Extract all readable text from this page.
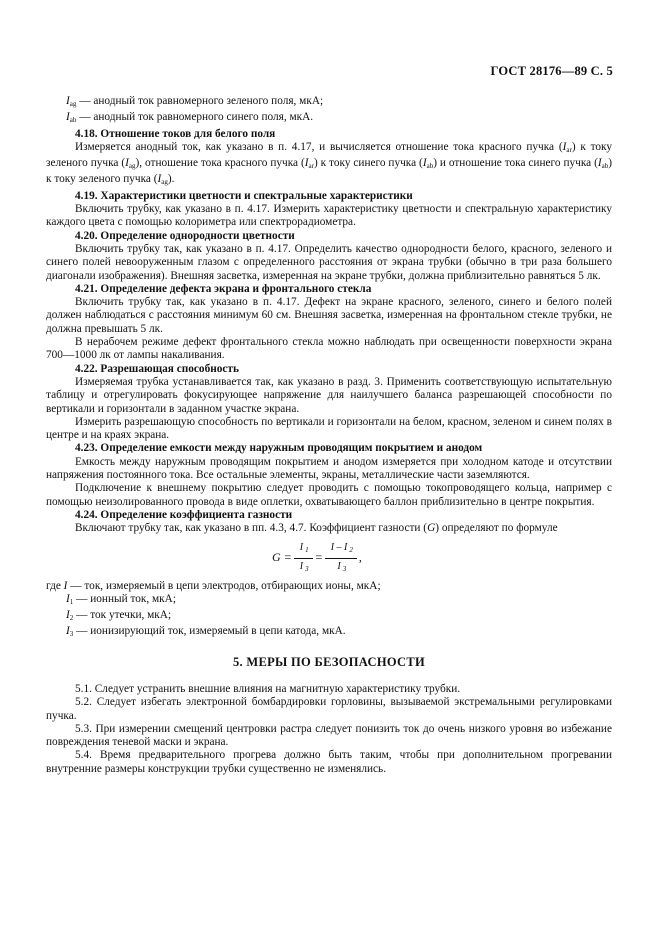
ГОСТ 28176—89 С. 5

$I_{ag}$ — анодный ток равномерного зеленого поля, мкА;

$I_{ab}$ — анодный ток равномерного синего поля, мкА.

4.18. Отношение токов для белого поля

Измеряется анодный ток, как указано в п. 4.17, и вычисляется отношение тока красного пучка $(I_{ar})$ к току зеленого пучка $(I_{ag})$, отношение тока красного пучка $(I_{ar})$ к току синего пучка $(I_{ab})$ и отношение тока синего пучка $(I_{ab})$ к току зеленого пучка $(I_{ag})$.

4.19. Характеристики цветности и спектральные характеристики

Включить трубку, как указано в п. 4.17. Измерить характеристику цветности и спектральную характеристику каждого цвета с помощью колориметра или спектрорадиометра.

4.20. Определение однородности цветности

Включить трубку так, как указано в п. 4.17. Определить качество однородности белого, красного, зеленого и синего полей невооруженным глазом с определенного расстояния от экрана трубки (обычно в три раза большего диагонали изображения). Внешняя засветка, измеренная на экране трубки, должна приблизительно равняться 5 лк.

4.21. Определение дефекта экрана и фронтального стекла

Включить трубку так, как указано в п. 4.17. Дефект на экране красного, зеленого, синего и белого полей должен наблюдаться с расстояния минимум 60 см. Внешняя засветка, измеренная на фронтальном стекле трубки, не должна превышать 5 лк.

В нерабочем режиме дефект фронтального стекла можно наблюдать при освещенности поверхности экрана 700—1000 лк от лампы накаливания.

4.22. Разрешающая способность

Измеряемая трубка устанавливается так, как указано в разд. 3. Применить соответствующую испытательную таблицу и отрегулировать фокусирующее напряжение для наилучшего баланса разрешающей способности по вертикали и горизонтали в заданном участке экрана.

Измерить разрешающую способность по вертикали и горизонтали на белом, красном, зеленом и синем полях в центре и на краях экрана.

4.23. Определение емкости между наружным проводящим покрытием и анодом

Емкость между наружным проводящим покрытием и анодом измеряется при холодном катоде и отсутствии напряжения постоянного тока. Все остальные элементы, экраны, металлические части заземляются.

Подключение к внешнему покрытию следует проводить с помощью токопроводящего кольца, например с помощью неизолированного провода в виде оплетки, охватывающего баллон приблизительно в центре покрытия.

4.24. Определение коэффициента газности

Включают трубку так, как указано в пп. 4.3, 4.7. Коэффициент газности (G) определяют по формуле

$G = \frac{I _1}{I _3} = \frac{I - I _2}{I _3}$ ,

где I — ток, измеряемый в цепи электродов, отбирающих ионы, мкА;

$I_1$ — ионный ток, мкА;

$I_2$ — ток утечки, мкА;

$I_3$ — ионизирующий ток, измеряемый в цепи катода, мкА.

5. МЕРЫ ПО БЕЗОПАСНОСТИ

5.1. Следует устранить внешние влияния на магнитную характеристику трубки.

5.2. Следует избегать электронной бомбардировки горловины, вызываемой экстремальными регулировками пучка.

5.3. При измерении смещений центровки растра следует понизить ток до очень низкого уровня во избежание повреждения теневой маски и экрана.

5.4. Время предварительного прогрева должно быть таким, чтобы при дополнительном прогревании внутренние размеры конструкции трубки существенно не изменялись.
